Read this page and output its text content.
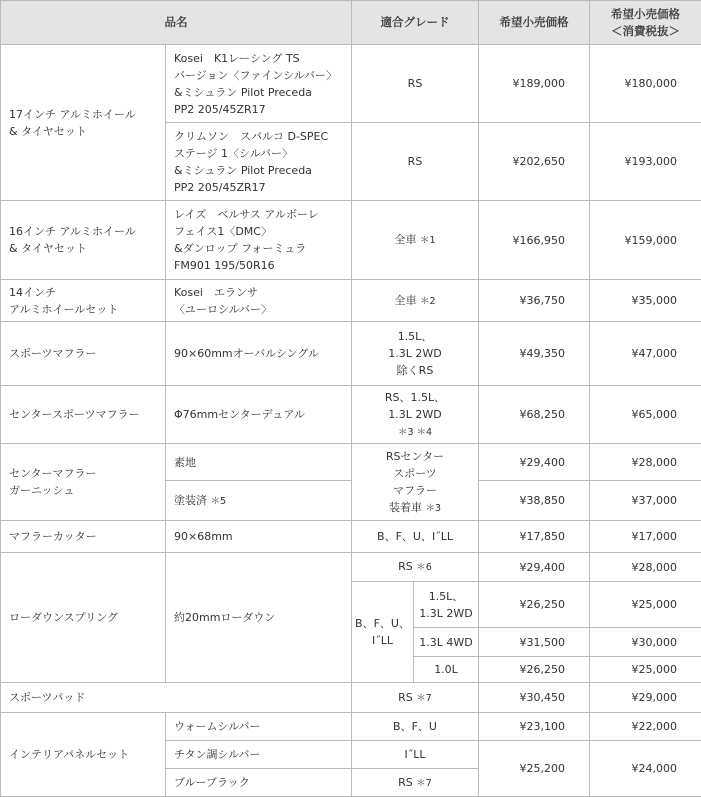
品名		適合グレード		希望小売価格	希望小売価格
＜消費税抜＞
17インチ アルミホイール
& タイヤセット	Kosei　K1レーシング TS
バージョン〈ファインシルバー〉
&ミシュラン Pilot Preceda
PP2 205/45ZR17	RS		¥189,000	¥180,000
	クリムソン　スパルコ D-SPEC
ステージ 1〈シルバー〉
&ミシュラン Pilot Preceda
PP2 205/45ZR17	RS		¥202,650	¥193,000
16インチ アルミホイール
& タイヤセット	レイズ　ベルサス アルボーレ
フェイス1〈DMC〉
&ダンロップ フォーミュラ
FM901 195/50R16	全車 ＊1		¥166,950	¥159,000
14インチ
アルミホイールセット	Kosei　エランサ
〈ユーロシルバー〉	全車 ＊2		¥36,750	¥35,000
スポーツマフラー	90×60mmオーバルシングル	1.5L、
1.3L 2WD
除くRS		¥49,350	¥47,000
センタースポーツマフラー	Φ76mmセンターデュアル	RS、1.5L、
1.3L 2WD
＊3 ＊4		¥68,250	¥65,000
センターマフラー
ガーニッシュ	素地	RSセンター
スポーツ
マフラー
装着車 ＊3		¥29,400	¥28,000
	塗装済 ＊5			¥38,850	¥37,000
マフラーカッター	90×68mm	B、F、U、I˝LL		¥17,850	¥17,000
ローダウンスプリング	約20mmローダウン	RS ＊6		¥29,400	¥28,000
		B、F、U、
I˝LL	1.5L、
1.3L 2WD	¥26,250	¥25,000
			1.3L 4WD	¥31,500	¥30,000
			1.0L	¥26,250	¥25,000
スポーツパッド		RS ＊7		¥30,450	¥29,000
インテリアパネルセット	ウォームシルバー	B、F、U		¥23,100	¥22,000
	チタン調シルバー	I˝LL		¥25,200	¥24,000
	ブルーブラック	RS ＊7			
